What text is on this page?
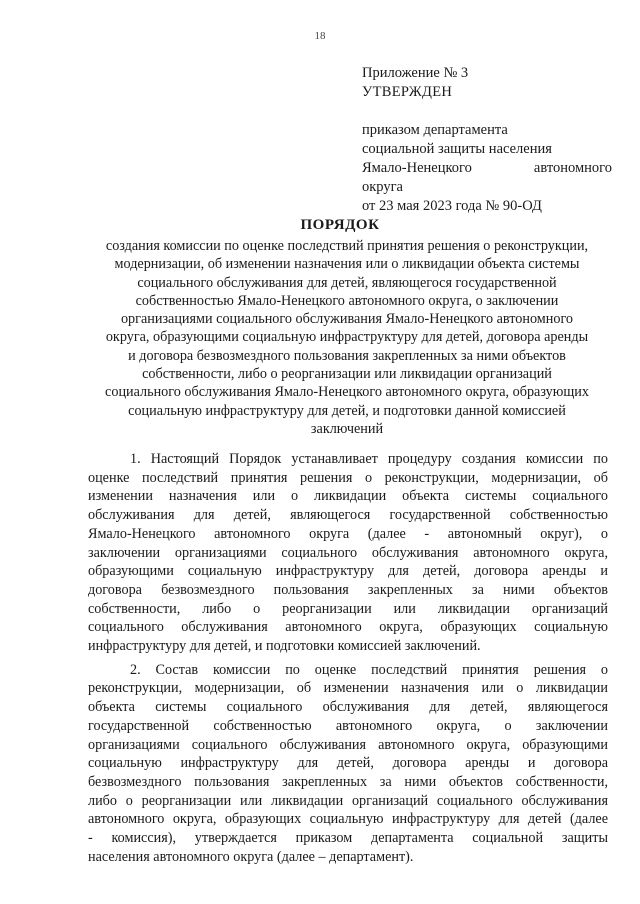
18
Приложение № 3
УТВЕРЖДЕН
приказом департамента
социальной защиты населения
Ямало-Ненецкого	автономного
округа
от 23 мая 2023 года № 90-ОД
ПОРЯДОК
создания комиссии по оценке последствий принятия решения о реконструкции,
модернизации, об изменении назначения или о ликвидации объекта системы
социального обслуживания для детей, являющегося государственной
собственностью Ямало-Ненецкого автономного округа, о заключении
организациями социального обслуживания Ямало-Ненецкого автономного
округа, образующими социальную инфраструктуру для детей, договора аренды
и договора безвозмездного пользования закрепленных за ними объектов
собственности, либо о реорганизации или ликвидации организаций
социального обслуживания Ямало-Ненецкого автономного округа, образующих
социальную инфраструктуру для детей, и подготовки данной комиссией
заключений
1. Настоящий Порядок устанавливает процедуру создания комиссии по
оценке последствий принятия решения о реконструкции, модернизации, об
изменении назначения или о ликвидации объекта системы социального
обслуживания для детей, являющегося государственной собственностью
Ямало-Ненецкого автономного округа (далее - автономный округ), о
заключении организациями социального обслуживания автономного округа,
образующими социальную инфраструктуру для детей, договора аренды и
договора безвозмездного пользования закрепленных за ними объектов
собственности, либо о реорганизации или ликвидации организаций
социального обслуживания автономного округа, образующих социальную
инфраструктуру для детей, и подготовки комиссией заключений.
2. Состав комиссии по оценке последствий принятия решения о
реконструкции, модернизации, об изменении назначения или о ликвидации
объекта системы социального обслуживания для детей, являющегося
государственной собственностью автономного округа, о заключении
организациями социального обслуживания автономного округа, образующими
социальную инфраструктуру для детей, договора аренды и договора
безвозмездного пользования закрепленных за ними объектов собственности,
либо о реорганизации или ликвидации организаций социального обслуживания
автономного округа, образующих социальную инфраструктуру для детей (далее
- комиссия), утверждается приказом департамента социальной защиты
населения автономного округа (далее – департамент).
